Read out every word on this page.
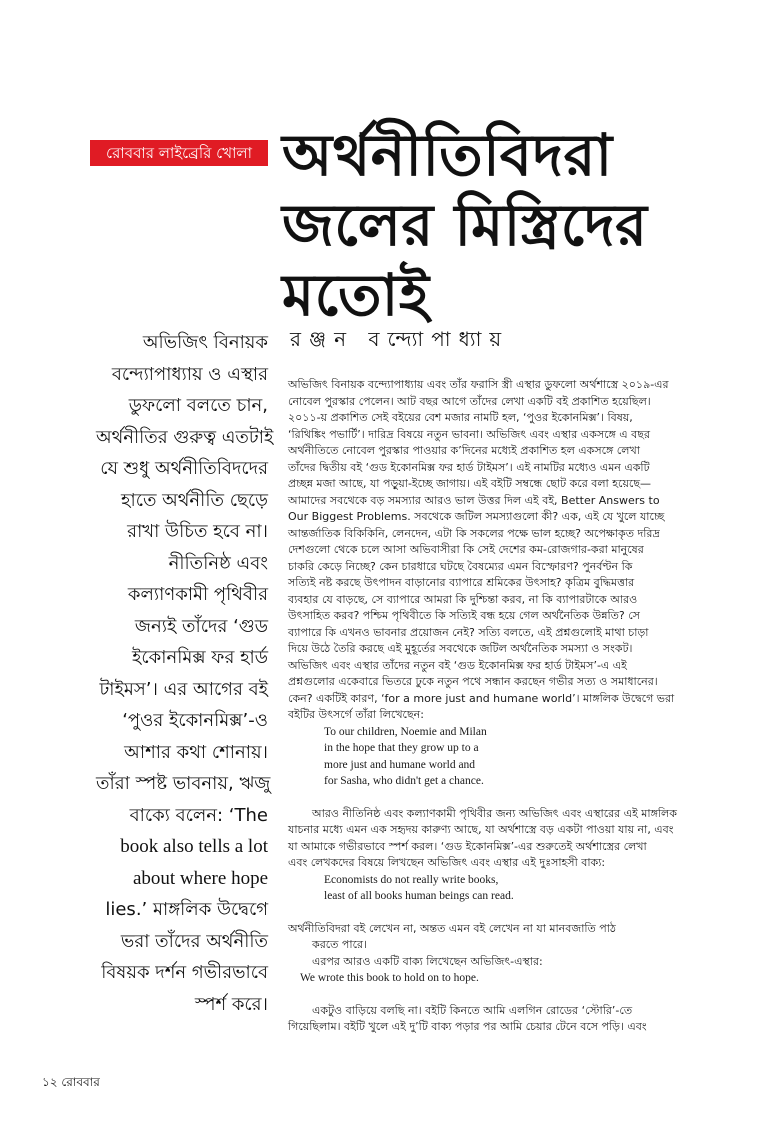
রোববার লাইব্রেরি খোলা অর্থনীতিবিদরা
জলের মিস্ত্রিদের
মতোই
রঞ্জন বন্দ্যোপাধ্যায়
অভিজিৎ বিনায়ক
বন্দ্যোপাধ্যায় ও এস্থার
ডুফলো বলতে চান,
অর্থনীতির গুরুত্ব এতটাই
যে শুধু অর্থনীতিবিদদের
হাতে অর্থনীতি ছেড়ে
রাখা উচিত হবে না।
নীতিনিষ্ঠ এবং
কল্যাণকামী পৃথিবীর
জন্যই তাঁদের ‘গুড
ইকোনমিক্স ফর হার্ড
টাইমস’। এর আগের বই
‘পুওর ইকোনমিক্স’-ও
আশার কথা শোনায়।
তাঁরা স্পষ্ট ভাবনায়, ঋজু
বাক্যে বলেন: ‘The
book also tells a lot
about where hope
lies.’ মাঙ্গলিক উদ্বেগে
ভরা তাঁদের অর্থনীতি
বিষয়ক দর্শন গভীরভাবে
স্পর্শ করে।
অভিজিৎ বিনায়ক বন্দ্যোপাধ্যায় এবং তাঁর ফরাসি স্ত্রী এস্থার ডুফলো অর্থশাস্ত্রে ২০১৯-এর
নোবেল পুরস্কার পেলেন। আট বছর আগে তাঁদের লেখা একটি বই প্রকাশিত হয়েছিল।
২০১১-য় প্রকাশিত সেই বইয়ের বেশ মজার নামটি হল, ‘পুওর ইকোনমিক্স’। বিষয়,
‘রিথিঙ্কিং পভার্টি’। দারিদ্র বিষয়ে নতুন ভাবনা। অভিজিৎ এবং এস্থার একসঙ্গে এ বছর
অর্থনীতিতে নোবেল পুরস্কার পাওয়ার ক’দিনের মধ্যেই প্রকাশিত হল একসঙ্গে লেখা
তাঁদের দ্বিতীয় বই ‘গুড ইকোনমিক্স ফর হার্ড টাইমস’। এই নামটির মধ্যেও এমন একটি
প্রচ্ছন্ন মজা আছে, যা পড়ুয়া-ইচ্ছে জাগায়। এই বইটি সম্বন্ধে ছোট করে বলা হয়েছে—
আমাদের সবথেকে বড় সমস্যার আরও ভাল উত্তর দিল এই বই, Better Answers to
Our Biggest Problems. সবথেকে জটিল সমস্যাগুলো কী? এক, এই যে খুলে যাচ্ছে
আন্তর্জাতিক বিকিকিনি, লেনদেন, এটা কি সকলের পক্ষে ভাল হচ্ছে? অপেক্ষাকৃত দরিদ্র
দেশগুলো থেকে চলে আসা অভিবাসীরা কি সেই দেশের কম-রোজগার-করা মানুষের
চাকরি কেড়ে নিচ্ছে? কেন চারধারে ঘটছে বৈষম্যের এমন বিস্ফোরণ? পুনর্বণ্টন কি
সত্যিই নষ্ট করছে উৎপাদন বাড়ানোর ব্যাপারে শ্রমিকের উৎসাহ? কৃত্রিম বুদ্ধিমত্তার
ব্যবহার যে বাড়ছে, সে ব্যাপারে আমরা কি দুশ্চিন্তা করব, না কি ব্যাপারটাকে আরও
উৎসাহিত করব? পশ্চিম পৃথিবীতে কি সত্যিই বন্ধ হয়ে গেল অর্থনৈতিক উন্নতি? সে
ব্যাপারে কি এখনও ভাবনার প্রয়োজন নেই? সত্যি বলতে, এই প্রশ্নগুলোই মাথা চাড়া
দিয়ে উঠে তৈরি করছে এই মুহূর্তের সবথেকে জটিল অর্থনৈতিক সমস্যা ও সংকট।
অভিজিৎ এবং এস্থার তাঁদের নতুন বই ‘গুড ইকোনমিক্স ফর হার্ড টাইমস’-এ এই
প্রশ্নগুলোর একেবারে ভিতরে ঢুকে নতুন পথে সন্ধান করছেন গভীর সত্য ও সমাধানের।
কেন? একটিই কারণ, ‘for a more just and humane world’। মাঙ্গলিক উদ্বেগে ভরা
বইটির উৎসর্গে তাঁরা লিখেছেন:
To our children, Noemie and Milan
in the hope that they grow up to a
more just and humane world and
for Sasha, who didn't get a chance.
আরও নীতিনিষ্ঠ এবং কল্যাণকামী পৃথিবীর জন্য অভিজিৎ এবং এস্থারের এই মাঙ্গলিক
যাচনার মধ্যে এমন এক সহৃদয় কারুণ্য আছে, যা অর্থশাস্ত্রে বড় একটা পাওয়া যায় না, এবং
যা আমাকে গভীরভাবে স্পর্শ করল। ‘গুড ইকোনমিক্স’-এর শুরুতেই অর্থশাস্ত্রের লেখা
এবং লেখকদের বিষয়ে লিখছেন অভিজিৎ এবং এস্থার এই দুঃসাহসী বাক্য:
Economists do not really write books,
least of all books human beings can read.
অর্থনীতিবিদরা বই লেখেন না, অন্তত এমন বই লেখেন না যা মানবজাতি পাঠ
করতে পারে।
এরপর আরও একটি বাক্য লিখেছেন অভিজিৎ-এস্থার:
We wrote this book to hold on to hope.
একটুও বাড়িয়ে বলছি না। বইটি কিনতে আমি এলগিন রোডের ‘স্টোরি’-তে
গিয়েছিলাম। বইটি খুলে এই দু’টি বাক্য পড়ার পর আমি চেয়ার টেনে বসে পড়ি। এবং
১২ রোববার
